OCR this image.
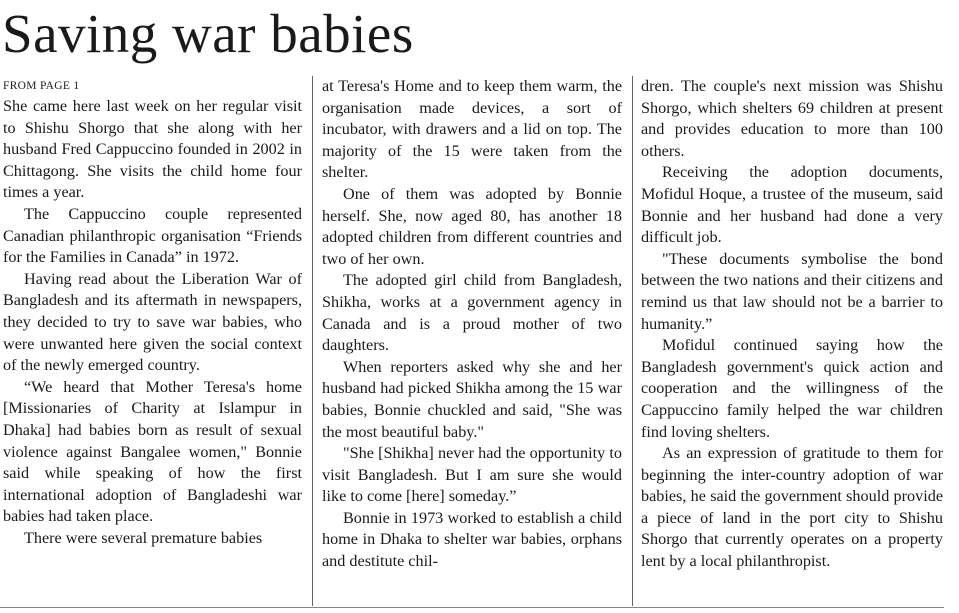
Saving war babies
FROM PAGE 1

She came here last week on her regular visit to Shishu Shorgo that she along with her husband Fred Cappuccino founded in 2002 in Chittagong. She visits the child home four times a year.

The Cappuccino couple represented Canadian philanthropic organisation “Friends for the Families in Canada” in 1972.

Having read about the Liberation War of Bangladesh and its aftermath in newspapers, they decided to try to save war babies, who were unwanted here given the social context of the newly emerged country.

“We heard that Mother Teresa's home [Missionaries of Charity at Islampur in Dhaka] had babies born as result of sexual violence against Bangalee women," Bonnie said while speaking of how the first international adoption of Bangladeshi war babies had taken place.

There were several premature babies

at Teresa's Home and to keep them warm, the organisation made devices, a sort of incubator, with drawers and a lid on top. The majority of the 15 were taken from the shelter.

One of them was adopted by Bonnie herself. She, now aged 80, has another 18 adopted children from different countries and two of her own.

The adopted girl child from Bangladesh, Shikha, works at a government agency in Canada and is a proud mother of two daughters.

When reporters asked why she and her husband had picked Shikha among the 15 war babies, Bonnie chuckled and said, "She was the most beautiful baby."

"She [Shikha] never had the opportunity to visit Bangladesh. But I am sure she would like to come [here] someday.”

Bonnie in 1973 worked to establish a child home in Dhaka to shelter war babies, orphans and destitute chil-

dren. The couple's next mission was Shishu Shorgo, which shelters 69 children at present and provides education to more than 100 others.

Receiving the adoption documents, Mofidul Hoque, a trustee of the museum, said Bonnie and her husband had done a very difficult job.

"These documents symbolise the bond between the two nations and their citizens and remind us that law should not be a barrier to humanity.”

Mofidul continued saying how the Bangladesh government's quick action and cooperation and the willingness of the Cappuccino family helped the war children find loving shelters.

As an expression of gratitude to them for beginning the inter-country adoption of war babies, he said the government should provide a piece of land in the port city to Shishu Shorgo that currently operates on a property lent by a local philanthropist.
